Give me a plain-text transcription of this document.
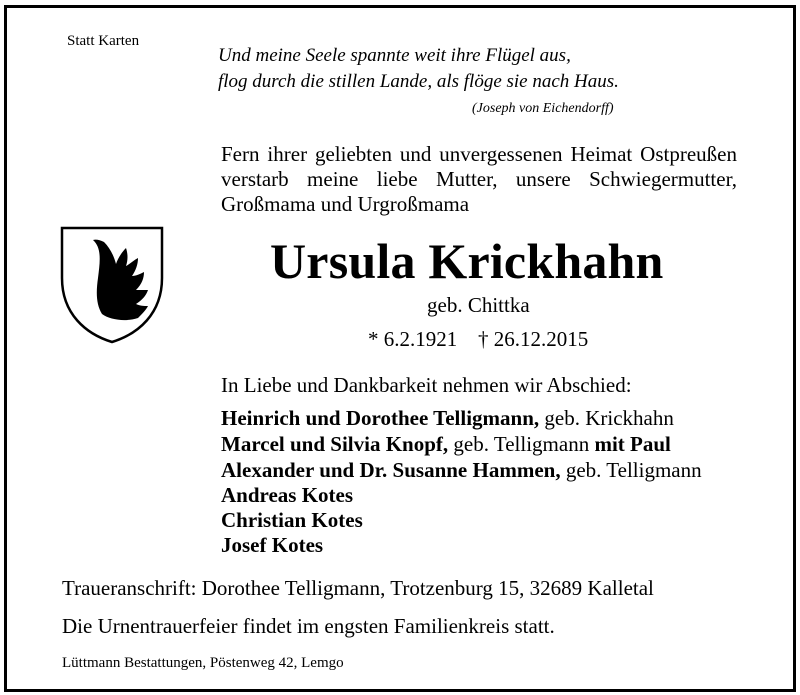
Statt Karten
Und meine Seele spannte weit ihre Flügel aus,
flog durch die stillen Lande, als flöge sie nach Haus.
(Joseph von Eichendorff)
Fern ihrer geliebten und unvergessenen Heimat Ostpreußen
verstarb meine liebe Mutter, unsere Schwiegermutter,
Großmama und Urgroßmama
Ursula Krickhahn
geb. Chittka
* 6.2.1921 † 26.12.2015
In Liebe und Dankbarkeit nehmen wir Abschied:
Heinrich und Dorothee Telligmann, geb. Krickhahn
Marcel und Silvia Knopf, geb. Telligmann mit Paul
Alexander und Dr. Susanne Hammen, geb. Telligmann
Andreas Kotes
Christian Kotes
Josef Kotes
Traueranschrift: Dorothee Telligmann, Trotzenburg 15, 32689 Kalletal
Die Urnentrauerfeier findet im engsten Familienkreis statt.
Lüttmann Bestattungen, Pöstenweg 42, Lemgo
